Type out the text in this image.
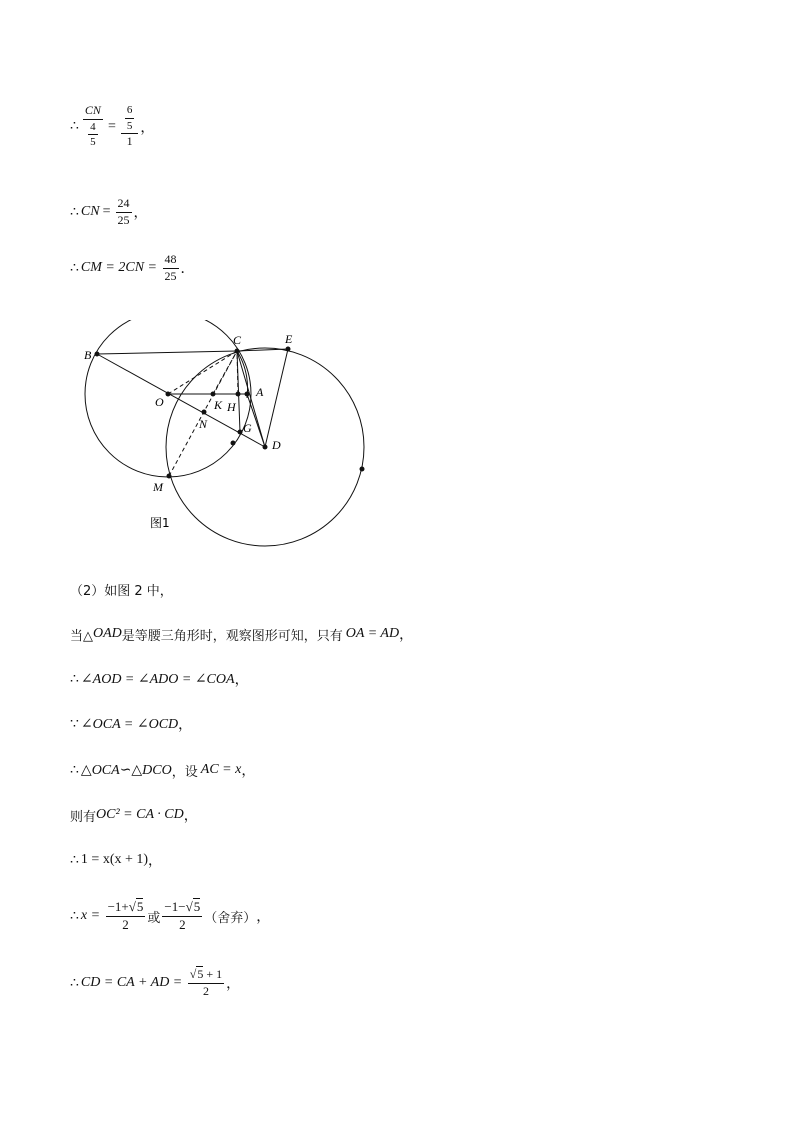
∴ $\frac{CN}{\frac{4}{5}} = \frac{\frac{6}{5}}{1}$ ，
∴ CN = $\frac{24}{25}$ ，
∴ CM = $2CN = \frac{48}{25}$ ．
B
C	E
O
A
K H
N	G
D
M
图1
（2）如图 2 中，
当△ OAD 是等腰三角形时，观察图形可知，只有 OA = AD ，
∴ ∠AOD = ∠ADO = ∠COA ，
∵ ∠OCA = ∠OCD ，
∴ △OCA∽△DCO ，设 AC = x ，
则有 OC² = CA · CD ，
∴ 1 = x(x + 1) ，
∴ $x = \frac{-1+√5}{2}$ 或 $\frac{-1-√5}{2}$ （舍弃） ，
∴ CD = CA + AD = $\frac{√5 + 1}{2}$ ，
